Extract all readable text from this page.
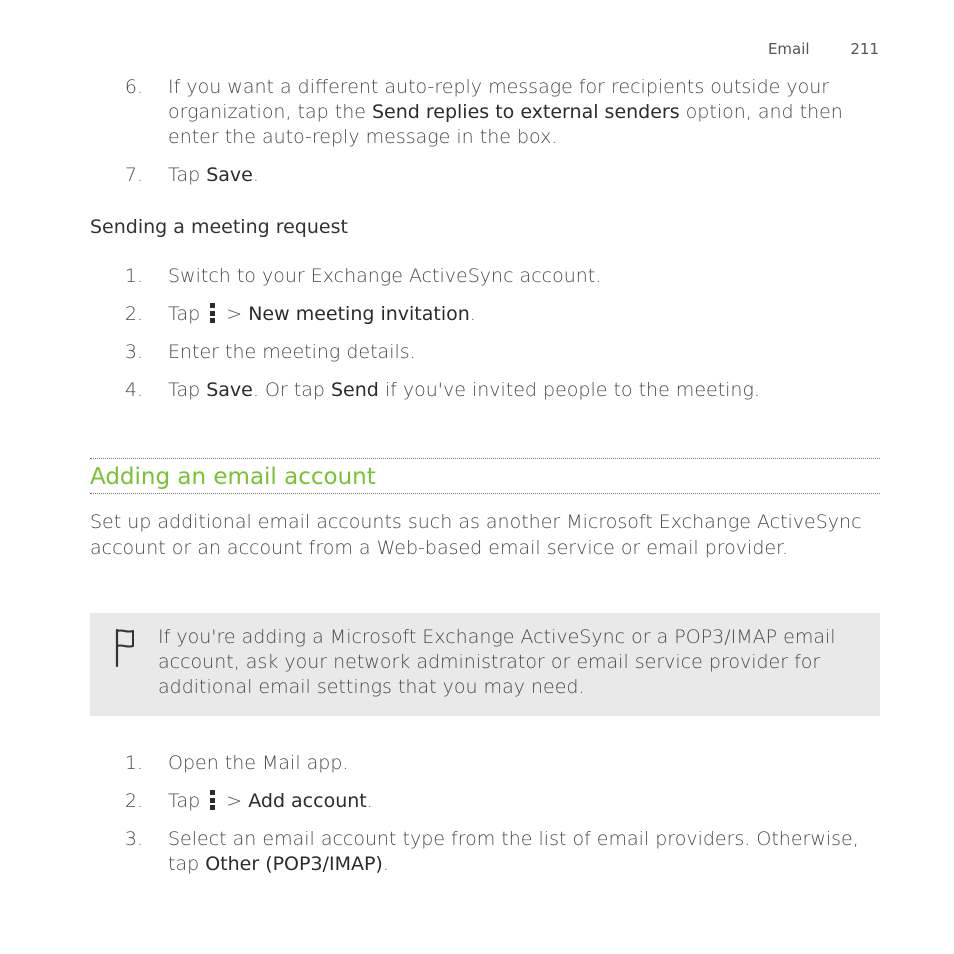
Email	211
6. If you want a different auto-reply message for recipients outside your organization, tap the Send replies to external senders option, and then enter the auto-reply message in the box.
7. Tap Save.
Sending a meeting request
1. Switch to your Exchange ActiveSync account.
2. Tap
> New meeting invitation.
3. Enter the meeting details.
4. Tap Save. Or tap Send if you've invited people to the meeting.
Adding an email account
Set up additional email accounts such as another Microsoft Exchange ActiveSync account or an account from a Web-based email service or email provider.
If you're adding a Microsoft Exchange ActiveSync or a POP3/IMAP email account, ask your network administrator or email service provider for additional email settings that you may need.
1. Open the Mail app.
2. Tap
> Add account.
3. Select an email account type from the list of email providers. Otherwise, tap Other (POP3/IMAP).
